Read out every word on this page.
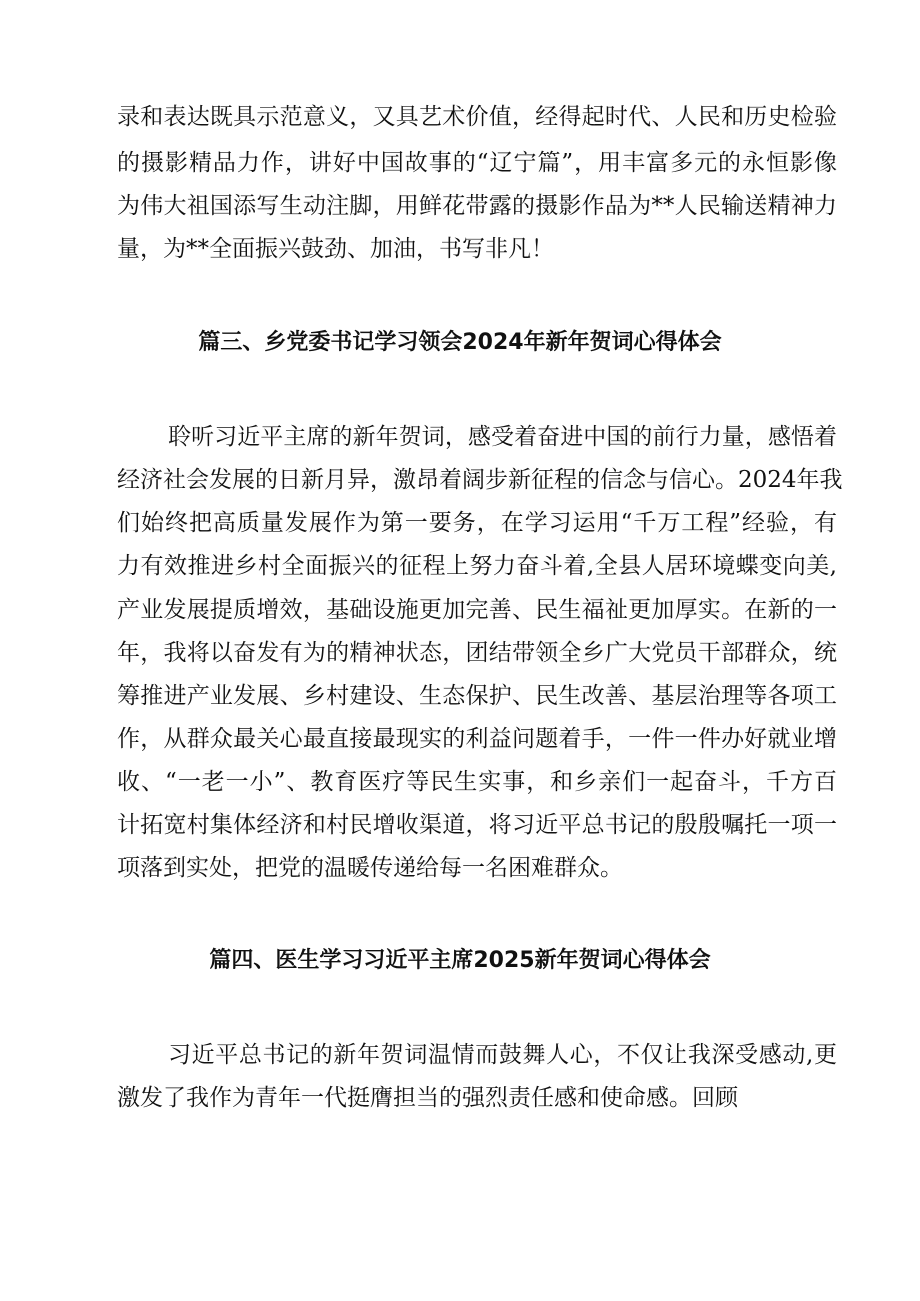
录和表达既具示范意义，又具艺术价值，经得起时代、人民和历史检验
的摄影精品力作，讲好中国故事的“辽宁篇”，用丰富多元的永恒影像
为伟大祖国添写生动注脚，用鲜花带露的摄影作品为**人民输送精神力
量，为**全面振兴鼓劲、加油，书写非凡！
篇三、乡党委书记学习领会2024年新年贺词心得体会
聆听习近平主席的新年贺词，感受着奋进中国的前行力量，感悟着
经济社会发展的日新月异，激昂着阔步新征程的信念与信心。2024年我
们始终把高质量发展作为第一要务，在学习运用“千万工程”经验，有
力有效推进乡村全面振兴的征程上努力奋斗着,全县人居环境蝶变向美,
产业发展提质增效，基础设施更加完善、民生福祉更加厚实。在新的一
年，我将以奋发有为的精神状态，团结带领全乡广大党员干部群众，统
筹推进产业发展、乡村建设、生态保护、民生改善、基层治理等各项工
作，从群众最关心最直接最现实的利益问题着手，一件一件办好就业增
收、“一老一小”、教育医疗等民生实事，和乡亲们一起奋斗，千方百
计拓宽村集体经济和村民增收渠道，将习近平总书记的殷殷嘱托一项一
项落到实处，把党的温暖传递给每一名困难群众。
篇四、医生学习习近平主席2025新年贺词心得体会
习近平总书记的新年贺词温情而鼓舞人心，不仅让我深受感动,更
激发了我作为青年一代挺膺担当的强烈责任感和使命感。回顾
